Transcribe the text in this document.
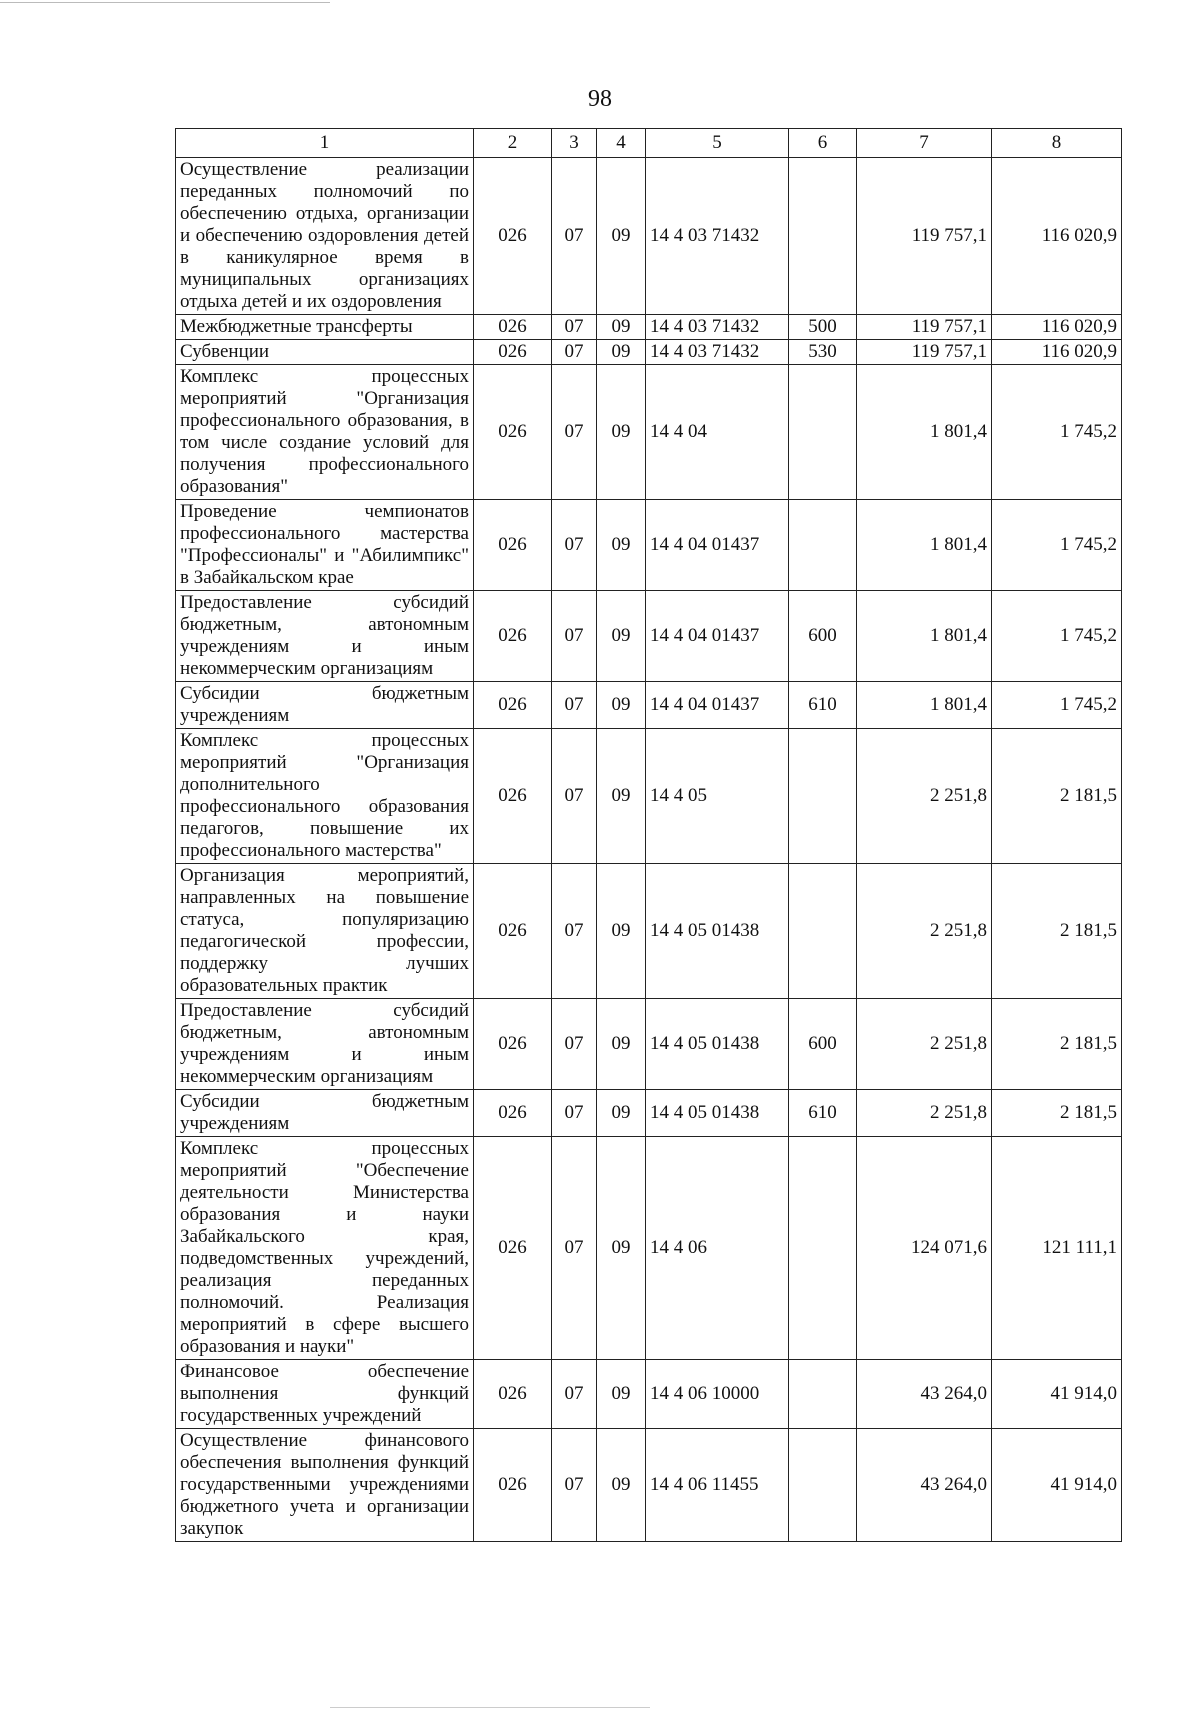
98
1	2	3	4	5	6	7	8
Осуществление реализации переданных полномочий по обеспечению отдыха, организации и обеспечению оздоровления детей в каникулярное время в муниципальных организациях отдыха детей и их оздоровления	026	07	09	14 4 03 71432		119 757,1	116 020,9
Межбюджетные трансферты	026	07	09	14 4 03 71432	500	119 757,1	116 020,9
Субвенции	026	07	09	14 4 03 71432	530	119 757,1	116 020,9
Комплекс процессных мероприятий "Организация профессионального образования, в том числе создание условий для получения профессионального образования"	026	07	09	14 4 04		1 801,4	1 745,2
Проведение чемпионатов профессионального мастерства "Профессионалы" и "Абилимпикс" в Забайкальском крае	026	07	09	14 4 04 01437		1 801,4	1 745,2
Предоставление субсидий бюджетным, автономным учреждениям и иным некоммерческим организациям	026	07	09	14 4 04 01437	600	1 801,4	1 745,2
Субсидии бюджетным учреждениям	026	07	09	14 4 04 01437	610	1 801,4	1 745,2
Комплекс процессных мероприятий "Организация дополнительного профессионального образования педагогов, повышение их профессионального мастерства"	026	07	09	14 4 05		2 251,8	2 181,5
Организация мероприятий, направленных на повышение статуса, популяризацию педагогической профессии, поддержку лучших образовательных практик	026	07	09	14 4 05 01438		2 251,8	2 181,5
Предоставление субсидий бюджетным, автономным учреждениям и иным некоммерческим организациям	026	07	09	14 4 05 01438	600	2 251,8	2 181,5
Субсидии бюджетным учреждениям	026	07	09	14 4 05 01438	610	2 251,8	2 181,5
Комплекс процессных мероприятий "Обеспечение деятельности Министерства образования и науки Забайкальского края, подведомственных учреждений, реализация переданных полномочий. Реализация мероприятий в сфере высшего образования и науки"	026	07	09	14 4 06		124 071,6	121 111,1
Финансовое обеспечение выполнения функций государственных учреждений	026	07	09	14 4 06 10000		43 264,0	41 914,0
Осуществление финансового обеспечения выполнения функций государственными учреждениями бюджетного учета и организации закупок	026	07	09	14 4 06 11455		43 264,0	41 914,0
